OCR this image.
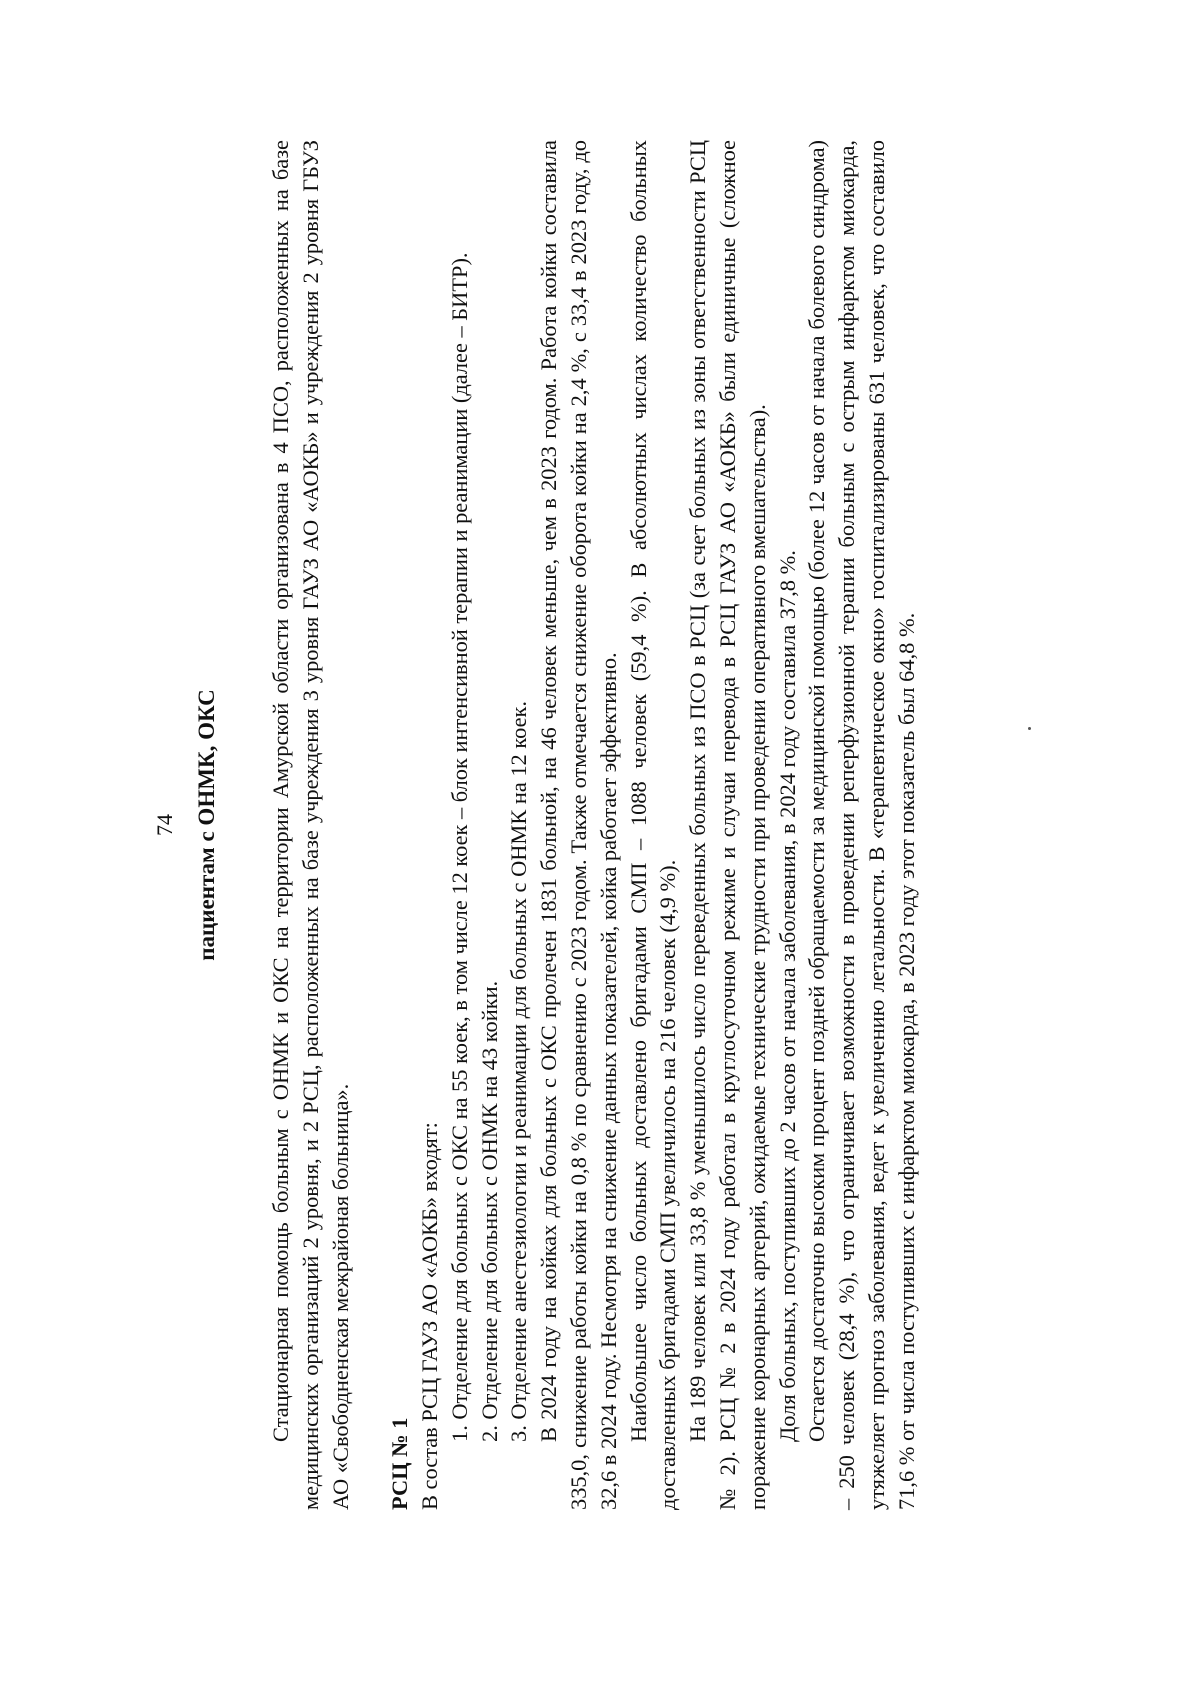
74 пациентам с ОНМК, ОКС Стационарная помощь больным с ОНМК и ОКС на территории Амурской области организована в 4 ПСО, расположенных на базе медицинских организаций 2 уровня, и 2 РСЦ, расположенных на базе учреждения 3 уровня ГАУЗ АО «АОКБ» и учреждения 2 уровня ГБУЗ АО «Свободненская межрайоная больница». РСЦ № 1 В состав РСЦ ГАУЗ АО «АОКБ» входят: 1. Отделение для больных с ОКС на 55 коек, в том числе 12 коек – блок интенсивной терапии и реанимации (далее – БИТР). 2. Отделение для больных с ОНМК на 43 койки. 3. Отделение анестезиологии и реанимации для больных с ОНМК на 12 коек. В 2024 году на койках для больных с ОКС пролечен 1831 больной, на 46 человек меньше, чем в 2023 годом. Работа койки составила 335,0, снижение работы койки на 0,8 % по сравнению с 2023 годом. Также отмечается снижение оборота койки на 2,4 %, с 33,4 в 2023 году, до 32,6 в 2024 году. Несмотря на снижение данных показателей, койка работает эффективно. Наибольшее число больных доставлено бригадами СМП – 1088 человек (59,4 %). В абсолютных числах количество больных доставленных бригадами СМП увеличилось на 216 человек (4,9 %). На 189 человек или 33,8 % уменьшилось число переведенных больных из ПСО в РСЦ (за счет больных из зоны ответственности РСЦ № 2). РСЦ № 2 в 2024 году работал в круглосуточном режиме и случаи перевода в РСЦ ГАУЗ АО «АОКБ» были единичные (сложное поражение коронарных артерий, ожидаемые технические трудности при проведении оперативного вмешательства). Доля больных, поступивших до 2 часов от начала заболевания, в 2024 году составила 37,8 %. Остается достаточно высоким процент поздней обращаемости за медицинской помощью (более 12 часов от начала болевого синдрома) – 250 человек (28,4 %), что ограничивает возможности в проведении реперфузионной терапии больным с острым инфарктом миокарда, утяжеляет прогноз заболевания, ведет к увеличению летальности. В «терапевтическое окно» госпитализированы 631 человек, что составило 71,6 % от числа поступивших с инфарктом миокарда, в 2023 году этот показатель был 64,8 %.
